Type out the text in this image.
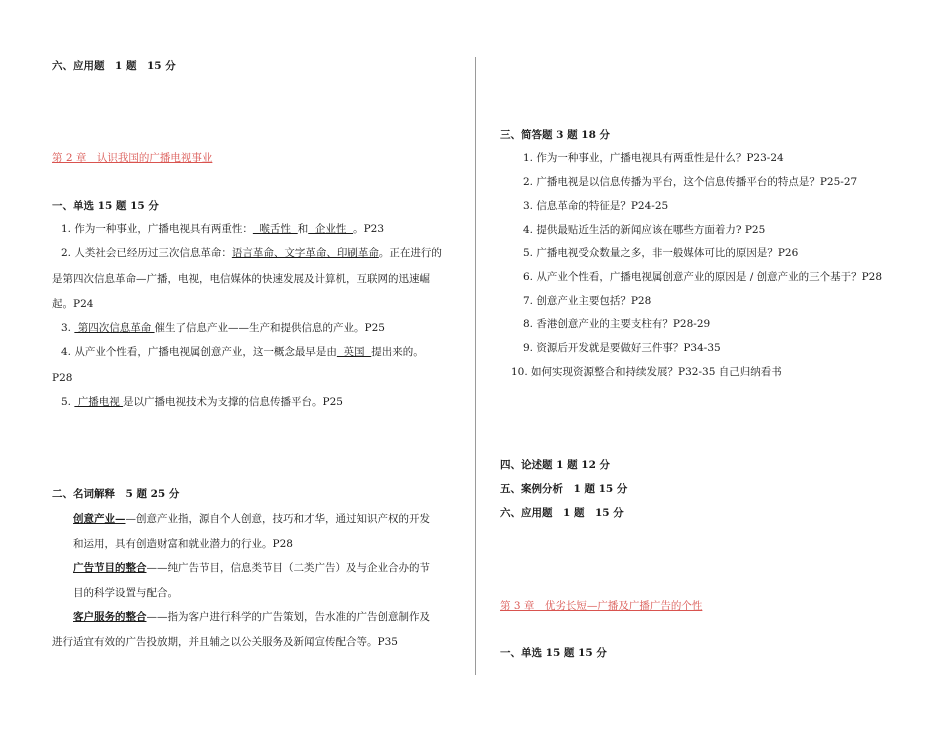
六、应用题　1 题　15 分
第 2 章　认识我国的广播电视事业
一、单选 15 题 15 分
1. 作为一种事业，广播电视具有两重性：  喉舌性  和  企业性  。P23
2. 人类社会已经历过三次信息革命：语言革命、文字革命、印刷革命。正在进行的
是第四次信息革命—广播，电视，电信媒体的快速发展及计算机，互联网的迅速崛
起。P24
3.  第四次信息革命 催生了信息产业——生产和提供信息的产业。P25
4. 从产业个性看，广播电视属创意产业，这一概念最早是由  英国  提出来的。
P28
5.  广播电视 是以广播电视技术为支撑的信息传播平台。P25
二、名词解释　5 题 25 分
创意产业——创意产业指，源自个人创意，技巧和才华，通过知识产权的开发
和运用，具有创造财富和就业潜力的行业。P28
广告节目的整合——纯广告节目，信息类节目（二类广告）及与企业合办的节
目的科学设置与配合。
客户服务的整合——指为客户进行科学的广告策划，告水准的广告创意制作及
进行适宜有效的广告投放期，并且辅之以公关服务及新闻宣传配合等。P35
三、简答题 3 题 18 分
1. 作为一种事业，广播电视具有两重性是什么？P23-24
2. 广播电视是以信息传播为平台，这个信息传播平台的特点是？P25-27
3. 信息革命的特征是？P24-25
4. 提供最贴近生活的新闻应该在哪些方面着力? P25
5. 广播电视受众数量之多，非一般媒体可比的原因是？P26
6. 从产业个性看，广播电视属创意产业的原因是 / 创意产业的三个基于？P28
7. 创意产业主要包括？P28
8. 香港创意产业的主要支柱有？P28-29
9. 资源后开发就是要做好三件事？P34-35
10. 如何实现资源整合和持续发展？P32-35 自己归纳看书
四、论述题 1 题 12 分
五、案例分析　1 题 15 分
六、应用题　1 题　15 分
第 3 章　优劣长短—广播及广播广告的个性
一、单选 15 题 15 分
